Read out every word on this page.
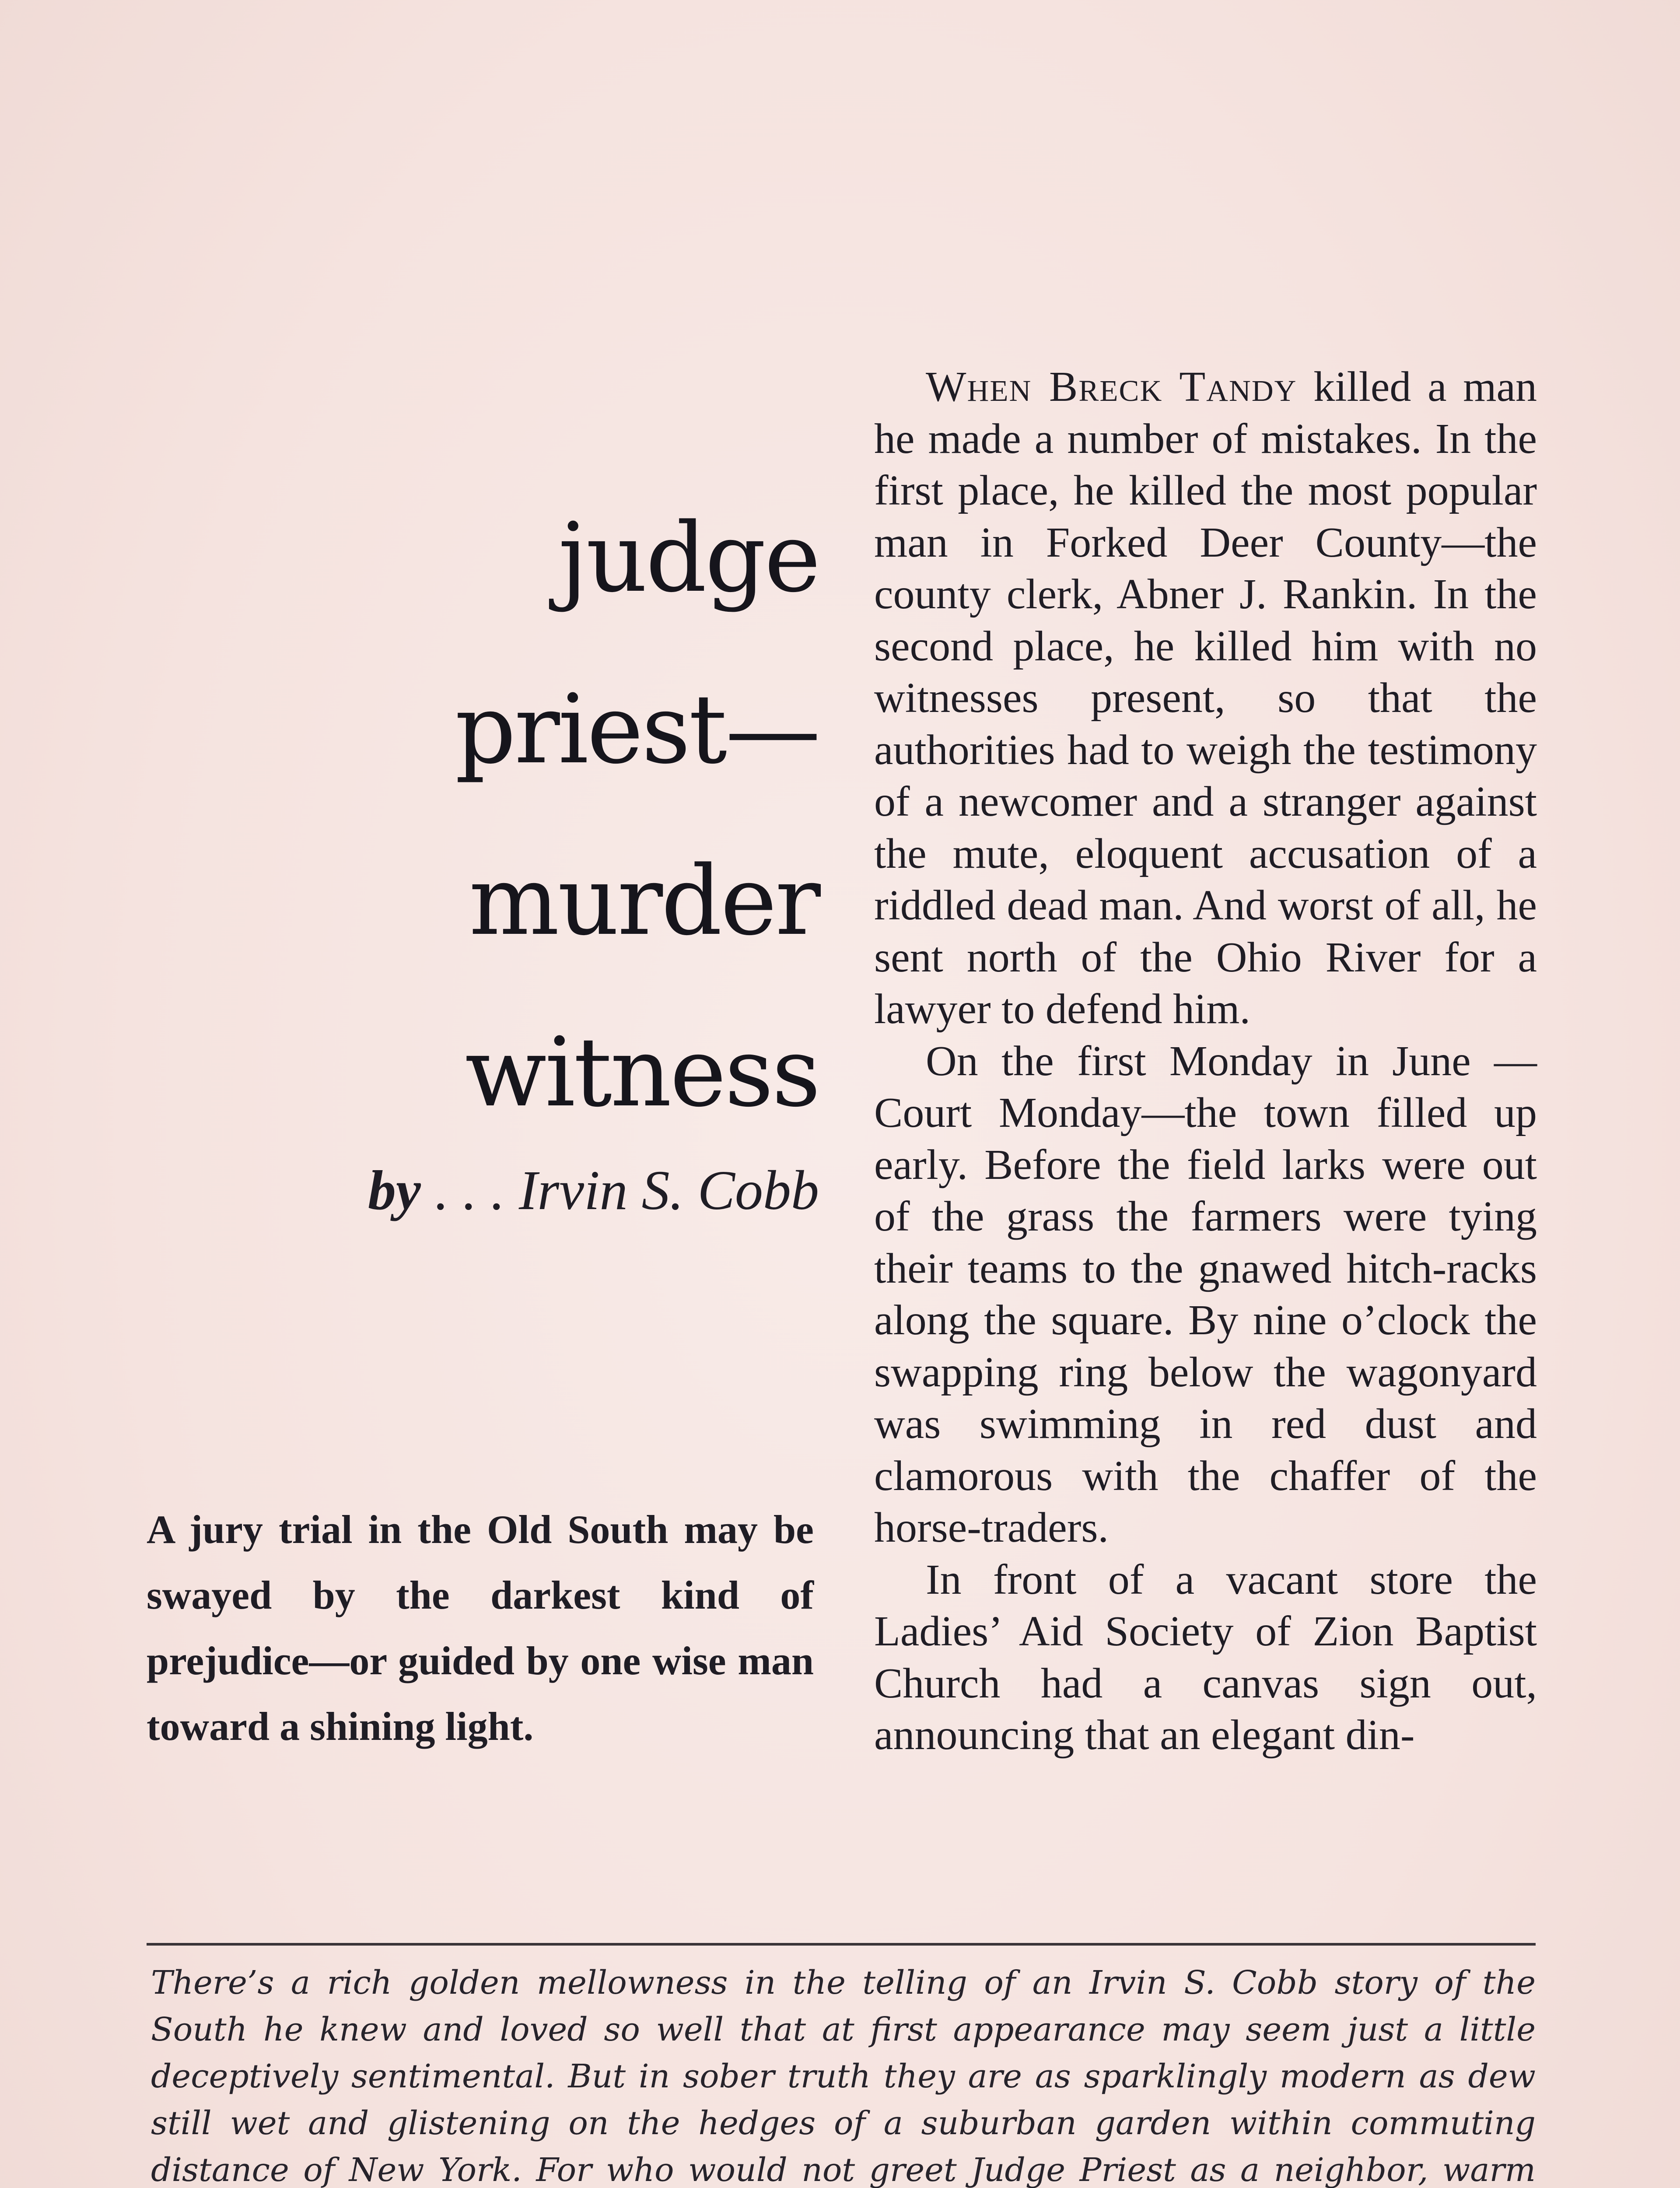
judge
priest—
murder
witness
by . . . Irvin S. Cobb
A jury trial in the Old South may be swayed by the darkest kind of prejudice—or guided by one wise man toward a shining light.

When Breck Tandy killed a man he made a number of mistakes. In the first place, he killed the most popular man in Forked Deer County—the county clerk, Abner J. Rankin. In the second place, he killed him with no witnesses present, so that the authorities had to weigh the testimony of a newcomer and a stranger against the mute, eloquent accusation of a riddled dead man. And worst of all, he sent north of the Ohio River for a lawyer to defend him.

On the first Monday in June —Court Monday—the town filled up early. Before the field larks were out of the grass the farmers were tying their teams to the gnawed hitch-racks along the square. By nine o’clock the swapping ring below the wagonyard was swimming in red dust and clamorous with the chaffer of the horse-traders.

In front of a vacant store the Ladies’ Aid Society of Zion Baptist Church had a canvas sign out, announcing that an elegant din-

There’s a rich golden mellowness in the telling of an Irvin S. Cobb story of the South he knew and loved so well that at first appearance may seem just a little deceptively sentimental. But in sober truth they are as sparklingly modern as dew still wet and glistening on the hedges of a suburban garden within commuting distance of New York. For who would not greet Judge Priest as a neighbor, warm
